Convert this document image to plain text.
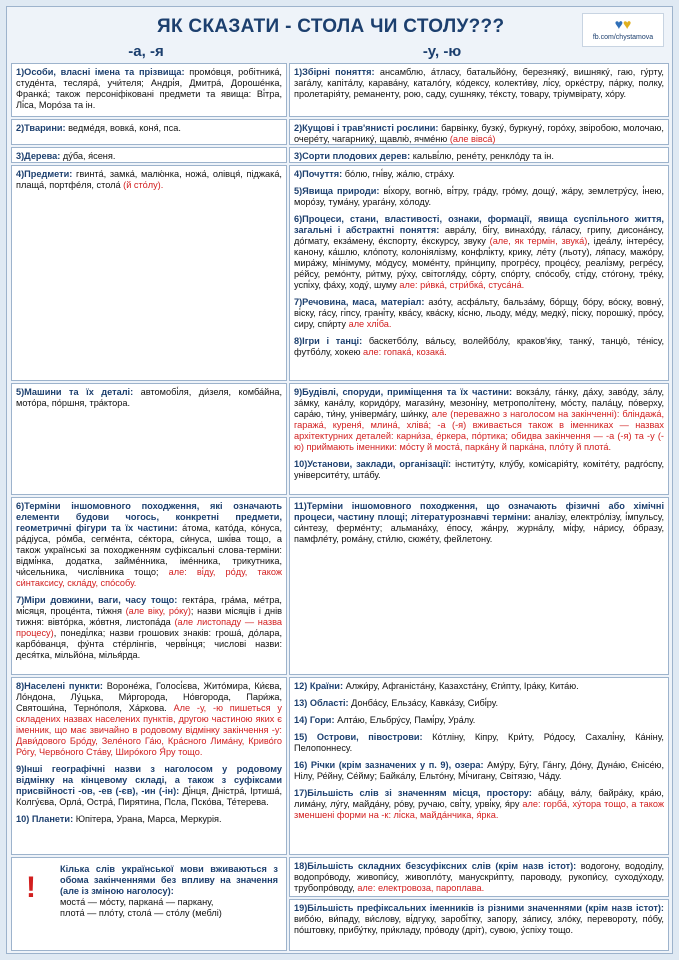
ЯК СКАЗАТИ - СТОЛА ЧИ СТОЛУ???	♥♥
fb.com/chystamova
-а, -я	-у, -ю
1)Особи, власні імена та прізвища: промо́вця, робітника́, студе́нта, тесляра́, учи́теля; Андрі́я, Дмитра́, Дороше́нка, Франка́; також персоніфіковані предмети та явища: Ві́тра, Лі́са, Моро́за та ін.
1)Збірні поняття: ансамблю, а́тласу, батальйо́ну, березняку́, вишняку́, гаю, гу́рту, зага́лу, капіта́лу, карава́ну, катало́гу, ко́дексу, колекти́ву, лі́су, орке́стру, па́рку, полку, пролетарія́ту, реманенту, рою, саду, сушняку, те́ксту, товару, тріумвірату, хо́ру.
2)Тварини: ведме́дя, вовка́, коня́, пса.	2)Кущові і трав'янисті рослини: барвінку, бузку́, буркуну́, горо́ху, звіробою, молочаю, очере́ту, чагарнику́, щавлю́, ячме́ню (але вівса́)
3)Дерева: ду́ба, я́сеня.	3)Сорти плодових дерев: кальві́лю, рене́ту, ренкло́ду та ін.
4)Предмети: гвинта́, замка́, малю́нка, ножа́, олівця́, піджака́, плаща́, портфе́ля, стола́ (й сто́лу).
4)Почуття: бо́лю, гні́ву, жа́лю, стра́ху.
5)Явища природи: ві́хору, вогню́, ві́тру, гра́ду, гро́му, дощу́, жа́ру, землетру́су, і́нею, моро́зу, тума́ну, урага́ну, хо́лоду.
6)Процеси, стани, властивості, ознаки, формації, явища суспільного життя, загальні і абстрактні поняття: авра́лу, бі́гу, винахо́ду, га́ласу, грипу, дисона́нсу, до́гмату, екза́мену, е́кспорту, е́кскурсу, звуку (але, як термін, звука́), ідеа́лу, інтере́су, канону, ка́шлю, кло́поту, колоніялізму, конфлі́кту, крику, ле́ту (льоту), ля́пасу, мажо́ру, мира́жу, мі́німуму, мо́дусу, моме́нту, при́нципу, прогре́су, проце́су, реалі́зму, регре́су, ре́йсу, ремо́нту, ри́тму, ру́ху, світогля́ду, со́рту, спо́рту, спо́собу, сті́ду, сто́гону, тре́ку, успі́ху, фа́ху, ходу́, шуму але: ри́вка́, стри́бка́, стуса́на́.
7)Речовина, маса, матеріал: азо́ту, асфа́льту, бальза́му, бо́рщу, бо́ру, во́ску, вовну́, ві́ску, га́су, гі́псу, грані́ту, ква́су, ква́ску, кі́сню, льоду, ме́ду, медку́, пі́ску, порошку́, про́су, сиру, спи́рту але хлі́ба.
8)Ігри і танці: баскетбо́лу, ва́льсу, волейбо́лу, краков'я́ку, танку́, танцю́, те́нісу, футбо́лу, хокею але: гопака́, козака́.
5)Машини та їх деталі: автомобі́ля, ди́зеля, комба́йна, мото́ра, по́ршня, тра́ктора.
9)Будівлі, споруди, приміщення та їх частини: вокза́лу, га́нку, да́ху, заво́ду, за́лу, за́мку, кана́лу, коридо́ру, магази́ну, мезоні́ну, метрополі́тену, мо́сту, пала́цу, по́верху, сара́ю, ти́ну, універма́гу, ши́нку, але (переважно з наголосом на закінченні): бліндажа́, гаража́, куреня́, млина́, хліва́; -а (-я) вживається також в іменниках — назвах архітектурних деталей: карни́за, е́ркера, по́ртика; обидва закінчення — -а (-я) та -у (-ю) приймають іменники: мо́сту й моста́, парка́ну й парка́на, пло́ту й плота́.
10)Установи, заклади, організації: інститу́ту, клу́бу, комісарія́ту, коміте́ту, радго́спу, університе́ту, шта́бу.
6)Терміни іншомовного походження, які означають елементи будови чогось, конкретні предмети, геометричні фігури та їх частини: а́тома, като́да, ко́нуса, ра́діуса, ро́мба, сегме́нта, се́ктора, си́нуса, шкі́ва тощо, а також українські за походженням суфіксальні слова-терміни: відмі́нка, додатка, займе́нника, іме́нника, трикутника, чи́сельника, числі́вника тощо; але: ві́ду, ро́ду, також си́нтаксису, скла́ду, спо́собу.
7)Міри довжини, ваги, часу тощо: гекта́ра, гра́ма, ме́тра, мі́сяця, проце́нта, ти́жня (але віку, ро́ку); назви місяців і днів тижня: вівто́рка, жо́втня, листопа́да (але листопаду — назва процесу), понеді́лка; назви грошових знаків: гроша́, до́лара, карбо́ванця, фу́нта сте́рлінгів, черві́нця; числові назви: деся́тка, мільйо́на, мілья́рда.
11)Терміни іншомовного походження, що означають фізичні або хімічні процеси, частину площі; літературознавчі терміни: аналізу, електро́лізу, і́мпульсу, си́нтезу, ферме́нту; альмана́ху, е́посу, жа́нру, журна́лу, мі́фу, на́рису, о́бразу, памфле́ту, рома́ну, сти́лю, сюже́ту, фейлетону.
8)Населені пункти: Вороне́жа, Голосі́єва, Жито́мира, Ки́єва, Ло́ндона, Лу́цька, Ми́ргорода, Но́вгорода, Пари́жа, Святоши́на, Терно́поля, Ха́ркова. Але -у, -ю пишеться у складених назвах населених пунктів, другою частиною яких є іменник, що має звичайно в родовому відмінку закінчення -у: Дави́дового Бро́ду, Зеле́ного Га́ю, Кра́сного Лима́ну, Криво́го Ро́гу, Черво́ного Ста́ву, Широ́кого Я́ру тощо.
9)Інші географічні назви з наголосом у родовому відмінку на кінцевому складі, а також з суфіксами присвійності -ов, -ев (-єв), -ин (-ін): Ді́нця, Дністра́, Іртиша́, Колгу́єва, Орла́, Остра́, Пирятина, Псла, Пско́ва, Те́терева.
10) Планети: Юпітера, Урана, Марса, Меркурія.
12) Країни: Алжи́ру, Афганіста́ну, Казахста́ну, Єги́пту, Іра́ку, Кита́ю.
13) Області: Донба́су, Ельза́су, Кавка́зу, Сибі́ру.
14) Гори: Алта́ю, Ельбру́су, Памі́ру, Ура́лу.
15) Острови, півострови: Ко́тліну, Кіпру, Кри́ту, Ро́досу, Сахалі́ну, Ка́ніну, Пелопоннесу.
16) Річки (крім зазначених у п. 9), озера: Аму́ру, Бу́гу, Га́нгу, До́ну, Дуна́ю, Єнісе́ю, Нілу, Ре́йну, Се́йму; Байка́лу, Ельто́ну, Мі́чигану, Світязю, Ча́ду.
17)Більшість слів зі значенням місця, простору: аба́цу, ва́лу, байра́ку, кра́ю, лима́ну, лу́гу, майда́ну, ро́ву, ручаю, сві́ту, урві́ку, я́ру але: горба́, ху́тора тощо, а також зменшені форми на -к: лі́ска, майда́нчика, я́рка.
!
Кілька слів української мови вживаються з обома закінченнями без впливу на значення (але із зміною наголосу):
моста́ — мо́сту, паркана́ — паркану,
плота́ — пло́ту, стола́ — сто́лу (меблі)
18)Більшість складних безсуфіксних слів (крім назв істот): водогону, вододілу, водопро́воду, живопи́су, живопло́ту, манускри́пту, пароводу, рукопи́су, суходу́ходу, трубопро́воду, але: електровоза, пароплава.
19)Більшість префіксальних іменників із різними значеннями (крім назв істот): вибо́ю, ви́паду, ви́слову, ві́дгуку, заробі́тку, запору, за́пису, зло́ку, перевороту, по́бу, по́штовку, прибу́тку, при́кладу, про́воду (дріт), сувою, у́спіху тощо.
